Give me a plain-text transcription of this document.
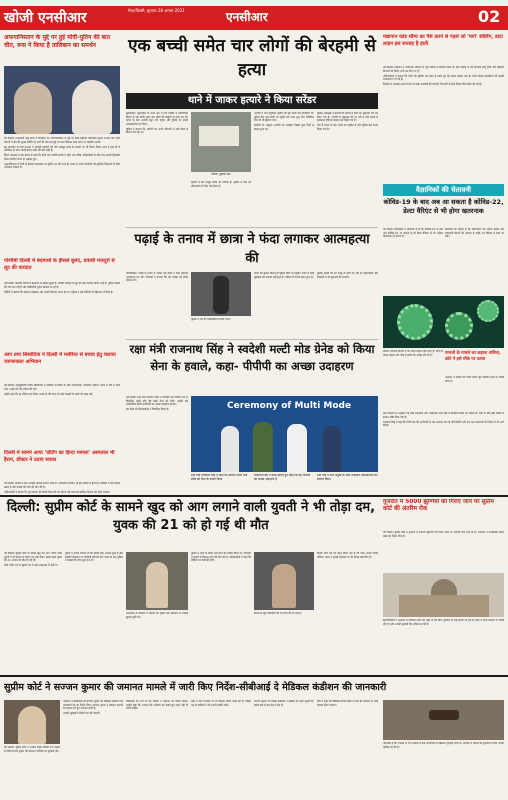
खोजी एनसीआर	मेरठ/दिल्ली, बुधवार 28 अगस्त 2021	एनसीआर	02
अफगानिस्तान के मुद्दे पर हुई मोदी-पुतिन की बात चीत, रूस ने किया है तालिबान का समर्थन

नई दिल्ली। प्रधानमंत्री नरेंद्र मोदी ने मंगलवार को अफगानिस्तान के मुद्दे पर रूसी राष्ट्रपति व्लादिमीर पुतिन से बात की। दोनों नेताओं ने क्षेत्र की सुरक्षा स्थिति पर चर्चा की और इस मुद्दे पर साथ मिलकर काम करने पर सहमति जताई।

इस बातचीत में दोनों नेताओं ने आपसी सहयोग को और मजबूत करने के उपायों पर भी विचार किया। रूस ने हाल ही में तालिबान के साथ संपर्क बनाए रखने की बात कही है।

विदेश मंत्रालय ने एक बयान में कहा कि दोनों नेता करीबी संपर्क में रहेंगे और वरिष्ठ अधिकारियों के बीच एक स्थायी द्विपक्षीय चैनल स्थापित करने पर सहमत हुए।

अफगानिस्तान में तेजी से बदलते घटनाक्रम पर दुनिया भर की नजर है। भारत ने अपने नागरिकों को सुरक्षित निकालने के लिए अभियान चलाया है।

पश्चिमी दिल्ली में बदमाशों के हौसले बुलंद, प्रवासी मजदूरों से लूट की वारदात

नई दिल्ली। पश्चिमी दिल्ली में बदमाशों के हौसले बुलंद हैं। प्रवासी मजदूरों से लूट की कई वारदातें सामने आई हैं। पुलिस मामले की जांच कर रही है और सीसीटीवी फुटेज खंगाले जा रहे हैं।

पीड़ितों ने बताया कि बदमाश मोबाइल और नकदी छीनकर फरार हो गए। पुलिस ने कई संदिग्धों को हिरासत में लिया है।

आप तथा सिसोदिया ने दिल्ली में मलेरिया से बचाव हेतु चलाया जागरूकता अभियान

नई दिल्ली। उपमुख्यमंत्री मनीष सिसोदिया ने मलेरिया से बचाव के लिए जागरूकता अभियान चलाया। लोगों से घरों में पानी जमा न होने देने की अपील की गई।

उन्होंने कहा कि हर रविवार दस मिनट अपने घर की जांच करें और मच्छरों के लार्वा को खत्म करें।

दिल्ली में सामने आया 'वोटिंग का हिन्दा मामला' अस्पताल भी हैरान, डॉक्टर ने उठाए सवाल

नई दिल्ली। दिल्ली में एक अनोखा मामला सामने आया है। अस्पताल प्रशासन भी इस मामले से हैरान है। डॉक्टरों ने कई सवाल उठाए हैं और मामले की जांच की मांग की है।

अधिकारियों ने बताया कि पूरे प्रकरण की रिपोर्ट तैयार की जा रही है और जल्द ही संबंधित विभाग को भेजी जाएगी।

एक बच्ची समेत चार लोगों की बेरहमी से हत्या
थाने में जाकर हत्यारे ने किया सरेंडर

मुरादाबाद। मुरादाबाद के थाना क्षेत्र में एक व्यक्ति ने पारिवारिक विवाद में एक बच्ची समेत चार लोगों की बेरहमी से हत्या कर दी। घटना के बाद आरोपी खुद थाने पहुंचा और पुलिस के सामने आत्मसमर्पण कर दिया।

पुलिस ने बताया कि आरोपी का अपने परिजनों से लंबे समय से विवाद चल रहा था।

बरेली, पुलिस दल

मृतकों में एक मासूम बच्ची भी शामिल है। पुलिस ने शवों को पोस्टमार्टम के लिए भेज दिया है।

आरोपी ने थाने पहुंचकर पुलिस को पूरी घटना की जानकारी दी। पुलिस टीम तुरंत मौके पर पहुंची और जांच शुरू की। फॉरेंसिक टीम को भी बुलाया गया।

ग्रामीणों के अनुसार आरोपी का व्यवहार पिछले कुछ दिनों से बदला हुआ था।

पुलिस अधीक्षक ने बताया कि मामले में हत्या का मुकदमा दर्ज कर लिया गया है। आरोपी से पूछताछ की जा रही है और घटना में इस्तेमाल हथियार बरामद कर लिया गया है।

गांव में घटना के बाद तनाव का माहौल है और पुलिस बल तैनात किया गया है।

पढ़ाई के तनाव में छात्रा ने फंदा लगाकर आत्महत्या की

गाजियाबाद। पढ़ाई के तनाव में आकर एक छात्रा ने फंदा लगाकर आत्महत्या कर ली। परिजनों ने बताया कि वह परीक्षा को लेकर परेशान थी।

पुलिस ने शव को पोस्टमार्टम के लिए भेजा।

घटना की सूचना मिलते ही पुलिस मौके पर पहुंची। कमरे से कोई सुसाइड नोट बरामद नहीं हुआ है। परिवार में मातम छाया हुआ है।

पुलिस मामले की हर पहलू से जांच कर रही है। सहपाठियों और शिक्षकों से भी पूछताछ की जाएगी।

मद्यापान कांड सौम्य का पैसे करने से पहले जो 'मार्ग' सीलिंग, डाटा लाइन इस सप्ताह है हाती

नई दिल्ली। प्रशासन ने आवश्यक सेवाओं से जुड़े नियमों में बदलाव किया है। इस सप्ताह से नई व्यवस्था लागू होगी और संबंधित विभागों को निर्देश जारी कर दिए गए हैं।

अधिकारियों ने बताया कि लोगों की सुविधा को ध्यान में रखते हुए यह कदम उठाया गया है। सभी जोनल कार्यालयों को इसकी जानकारी दे दी गई है।

नियमों का उल्लंघन करने वालों पर सख्त कार्रवाई की जाएगी। निगरानी के लिए विशेष टीमें गठित की गई हैं।

वैज्ञानिकों की चेतावनी
कोविड-19 के बाद अब आ सकता है कोविड-22, डेल्टा वैरिएंट से भी होगा खतरनाक

नई दिल्ली। वैज्ञानिकों ने चेतावनी दी है कि कोविड-19 के बाद अब कोविड-22 आ सकता है जो डेल्टा वैरिएंट से भी अधिक खतरनाक हो सकता है।

विशेषज्ञों का कहना है कि टीकाकरण की रफ्तार बढ़ाने और सावधानी बरतने की जरूरत है ताकि नए वैरिएंट से बचा जा सके।

दिल्ली। स्वास्थ्य विभाग ने नए दिशा-निर्देश जारी किए हैं। लोगों से मास्क पहनने और भीड़ से बचने की अपील की गई है।

मामलों के मामले का कहाना शर्मिला, कोर्ट ने इसे मौके पर उतारा

अदालत ने मामले को गंभीर बताते हुए संबंधित पक्षों से जवाब मांगा है।

रक्षा मंत्री राजनाथ सिंह ने स्वदेशी मल्टी मोड ग्रेनेड को किया सेना के हवाले, कहा- पीपीपी का अच्छा उदाहरण

नई दिल्ली। रक्षा मंत्री राजनाथ सिंह ने मंगलवार को स्वदेशी रूप से विकसित मल्टी मोड हैंड ग्रेनेड सेना को सौंपे। उन्होंने इसे सार्वजनिक-निजी भागीदारी का अच्छा उदाहरण बताया।

इस ग्रेनेड को डीआरडीओ ने विकसित किया है।	Ceremony of Multi Mode
रक्षा मंत्री राजनाथ सिंह ने कहा कि स्वदेशी मल्टी मोड ग्रेनेड को सेना के हवाले किया
राजनाथ सिंह ने ग्रेनेड सौंपते हुए कहा कि यह पीपीपी का अच्छा उदाहरण है
रक्षा मंत्री ने सेना प्रमुख के साथ उपस्थित अधिकारियों का स्वागत किया

रक्षा मंत्रालय के अनुसार यह ग्रेनेड रक्षात्मक और आक्रामक दोनों मोड में इस्तेमाल किया जा सकता है। सेना के लिए बड़ी संख्या में इनका ऑर्डर दिया गया है।

राजनाथ सिंह ने कहा कि निजी क्षेत्र की भागीदारी से रक्षा उत्पादन को नई गति मिलेगी और देश रक्षा उपकरणों के निर्यात में भी आगे बढ़ेगा।

दिल्ली: सुप्रीम कोर्ट के सामने खुद को आग लगाने वाली युवती ने भी तोड़ा दम, युवक की 21 को हो गई थी मौत

नई दिल्ली। सुप्रीम कोर्ट के सामने खुद को आग लगाने वाली युवती ने भी इलाज के दौरान दम तोड़ दिया। इससे पहले युवक की 21 अगस्त को मौत हो गई थी।

दोनों गंभीर रूप से झुलस गए थे और अस्पताल में भर्ती थे।

युवती ने आरोप लगाया था कि उसके साथ अन्याय हुआ है और उसकी शिकायत पर कार्रवाई नहीं की गई। घटना के बाद पुलिस ने मामले की जांच शुरू कर दी।

अस्पताल के डॉक्टरों ने बताया कि युवती 80 प्रतिशत से अधिक झुलस चुकी थी।

पुलिस ने दोनों के बयान दर्ज करने का प्रयास किया था। परिजनों ने मामले में निष्पक्ष जांच की मांग की है। अधिकारियों ने कहा कि दोषियों पर कार्रवाई होगी।

मामले से जुड़े दस्तावेजों की भी जांच की जा रही है।

विशेष जांच दल का गठन किया गया है जो जल्द अपनी रिपोर्ट सौंपेगा। घटना ने सुरक्षा व्यवस्था पर भी सवाल खड़े किए हैं।

गुजरात में 5000 झुग्गियों को गिराए जाने पर सुप्रीम कोर्ट की अंतरिम रोक

नई दिल्ली। सुप्रीम कोर्ट ने गुजरात में 5000 झुग्गियों को गिराए जाने पर अंतरिम रोक लगा दी है। अदालत ने यथास्थिति बनाए रखने का निर्देश दिया है।

झुग्गीवासियों ने अदालत में याचिका दायर कर कहा था कि बिना पुनर्वास के उन्हें हटाया जा रहा है। कोर्ट ने राज्य सरकार से जवाब मांगा है और अगली सुनवाई की तारीख तय की है।

सुप्रीम कोर्ट ने सज्जन कुमार की जमानत मामले में जारी किए निर्देश-सीबीआई दे मेडिकल कंडीशन की जानकारी

नई दिल्ली। सुप्रीम कोर्ट ने 1984 सिख विरोधी दंगा मामले में दोषी सज्जन कुमार की जमानत याचिका पर सुनवाई की।

अदालत ने सीबीआई को सज्जन कुमार की मेडिकल कंडीशन की जानकारी देने का निर्देश दिया। सज्जन कुमार ने स्वास्थ्य कारणों का हवाला देते हुए जमानत मांगी है।

अगली सुनवाई में रिपोर्ट पेश की जाएगी।

सीबीआई की ओर से पेश वकील ने जमानत का विरोध किया। उन्होंने कहा कि अपराध की गंभीरता को देखते हुए राहत नहीं दी जानी चाहिए।

कोर्ट ने जेल प्रशासन से भी स्वास्थ्य रिपोर्ट तलब की है। पीड़ित पक्ष के वकीलों ने भी अपनी दलीलें रखीं।

सज्जन कुमार को दिल्ली हाईकोर्ट ने उम्रकैद की सजा सुनाई थी। इसके बाद से वह जेल में बंद हैं।

पीठ ने कहा कि मेडिकल रिपोर्ट देखने के बाद ही जमानत पर कोई फैसला लिया जाएगा।

गौरतलब है कि 1984 के दंगा मामलों में कई आरोपियों के खिलाफ सुनवाई जारी है। अदालत ने मामले की सुनवाई के लिए अगली तारीख तय की है।
